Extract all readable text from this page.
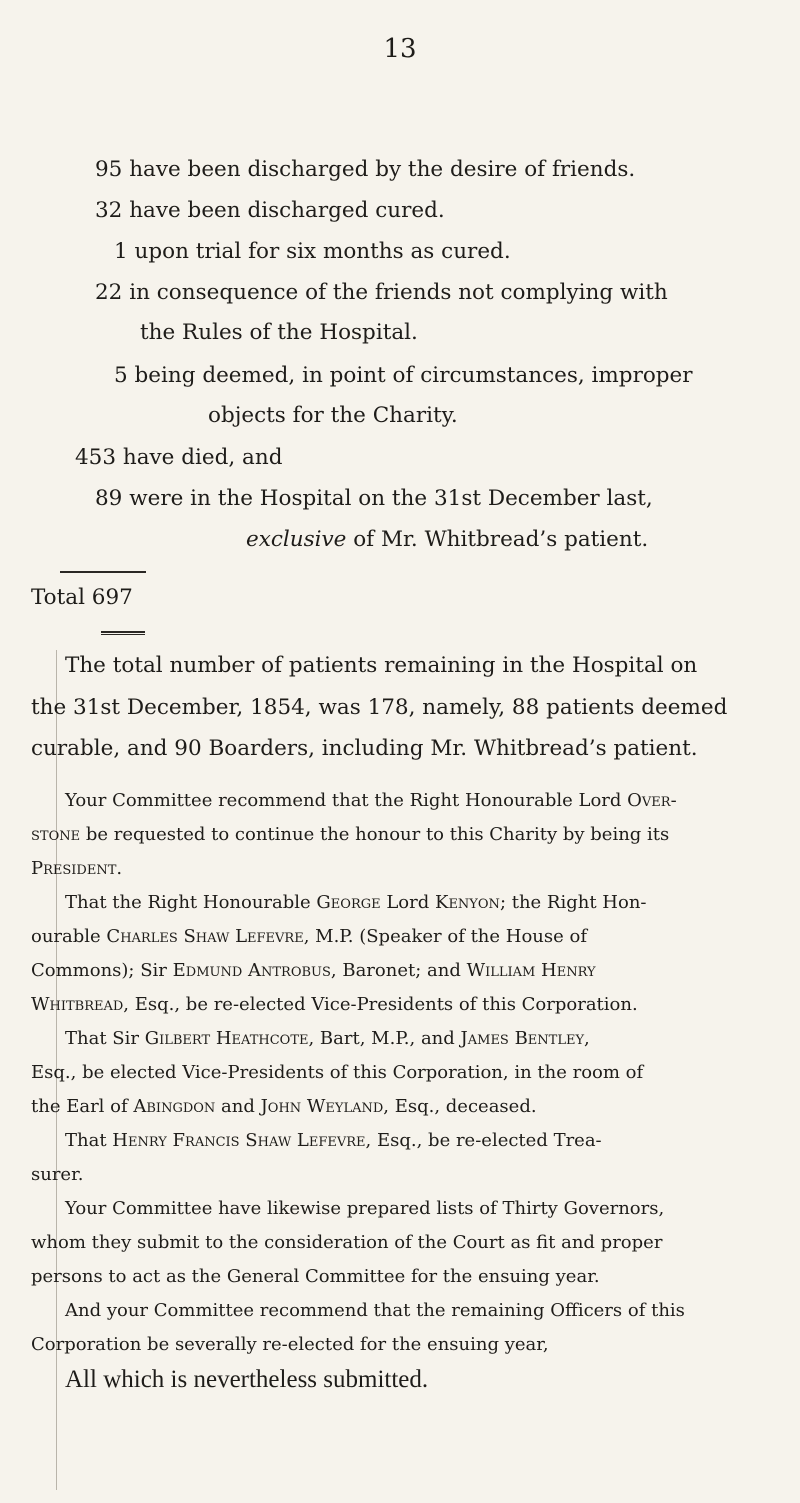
13
95 have been discharged by the desire of friends.
32 have been discharged cured.
1 upon trial for six months as cured.
22 in consequence of the friends not complying with
the Rules of the Hospital.
5 being deemed, in point of circumstances, improper
objects for the Charity.
453 have died, and
89 were in the Hospital on the 31st December last,
exclusive of Mr. Whitbread’s patient.
Total 697
The total number of patients remaining in the Hospital on
the 31st December, 1854, was 178, namely, 88 patients deemed
curable, and 90 Boarders, including Mr. Whitbread’s patient.
Your Committee recommend that the Right Honourable Lord Over-
stone be requested to continue the honour to this Charity by being its
President.
That the Right Honourable George Lord Kenyon; the Right Hon-
ourable Charles Shaw Lefevre, M.P. (Speaker of the House of
Commons); Sir Edmund Antrobus, Baronet; and William Henry
Whitbread, Esq., be re-elected Vice-Presidents of this Corporation.
That Sir Gilbert Heathcote, Bart, M.P., and James Bentley,
Esq., be elected Vice-Presidents of this Corporation, in the room of
the Earl of Abingdon and John Weyland, Esq., deceased.
That Henry Francis Shaw Lefevre, Esq., be re-elected Trea-
surer.
Your Committee have likewise prepared lists of Thirty Governors,
whom they submit to the consideration of the Court as fit and proper
persons to act as the General Committee for the ensuing year.
And your Committee recommend that the remaining Officers of this
Corporation be severally re-elected for the ensuing year,
All which is nevertheless submitted.
